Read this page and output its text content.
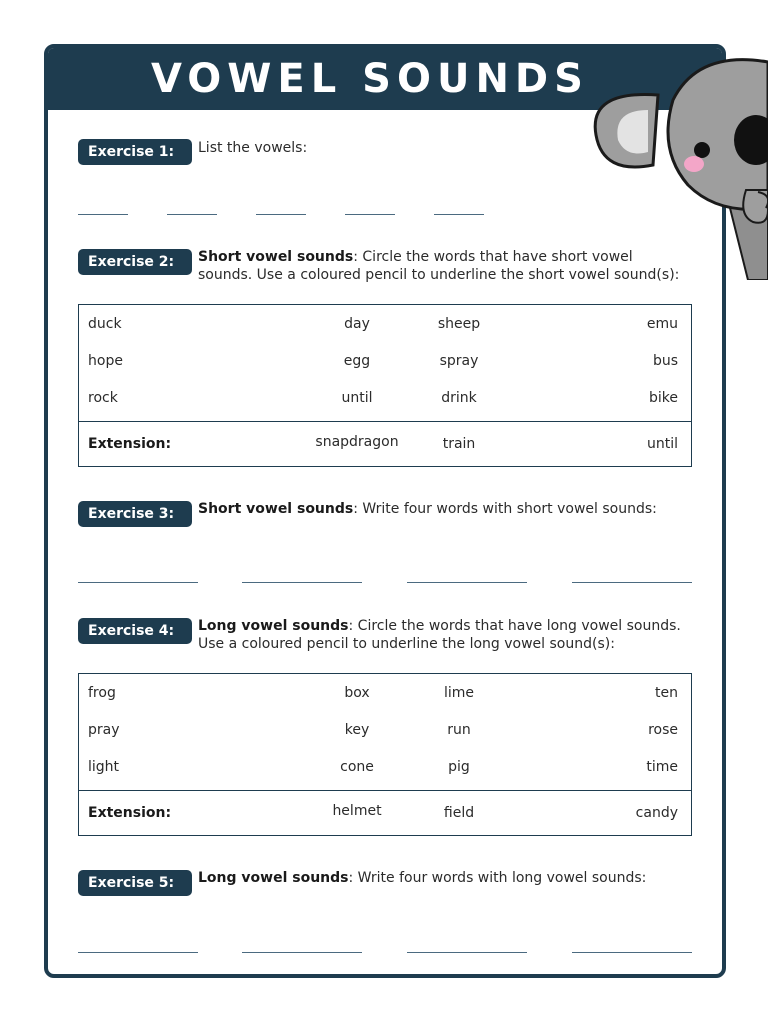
VOWEL SOUNDS
Exercise 1:	List the vowels:
Exercise 2:	Short vowel sounds: Circle the words that have short vowel
sounds. Use a coloured pencil to underline the short vowel sound(s):
duck	day	sheep	emu
hope	egg	spray	bus
rock	until	drink	bike
Extension:	snapdragon	train	until
Exercise 3:	Short vowel sounds: Write four words with short vowel sounds:
Exercise 4:	Long vowel sounds: Circle the words that have long vowel sounds.
Use a coloured pencil to underline the long vowel sound(s):
frog	box	lime	ten
pray	key	run	rose
light	cone	pig	time
Extension:	helmet	field	candy
Exercise 5:	Long vowel sounds: Write four words with long vowel sounds:
